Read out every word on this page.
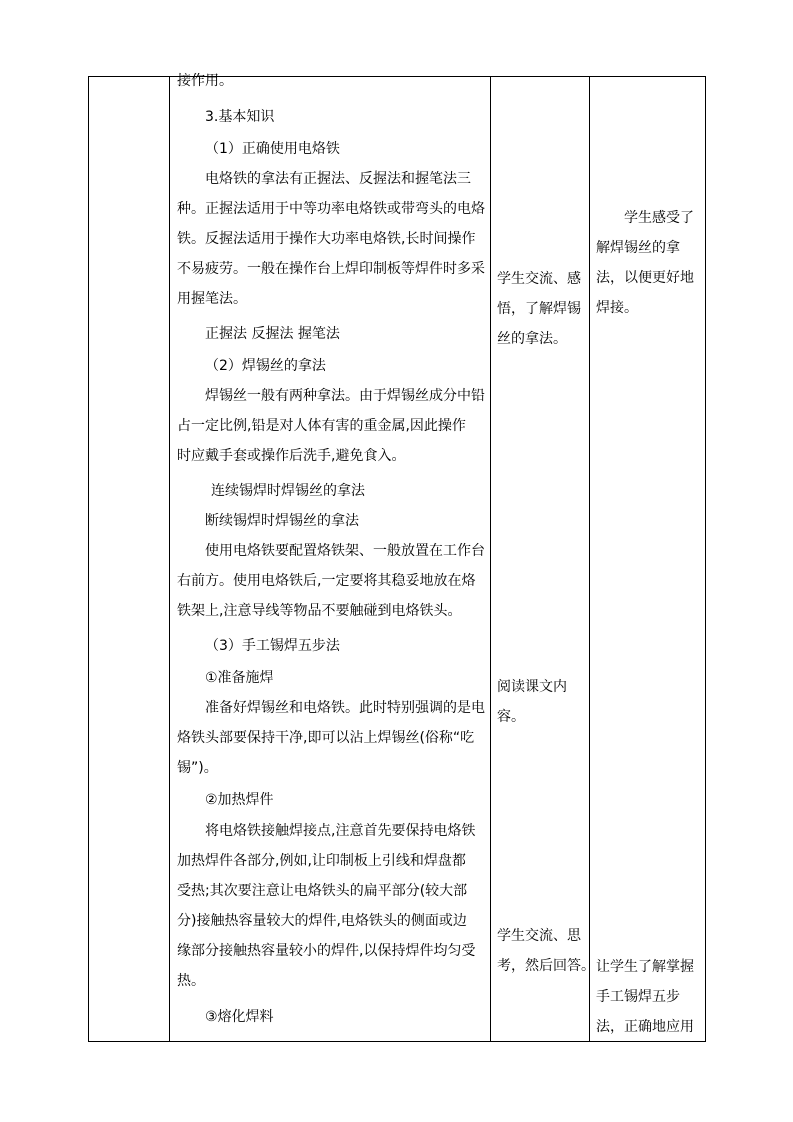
接作用。
3.基本知识
（1）正确使用电烙铁
电烙铁的拿法有正握法、反握法和握笔法三
种。正握法适用于中等功率电烙铁或带弯头的电烙
铁。反握法适用于操作大功率电烙铁,长时间操作
不易疲劳。一般在操作台上焊印制板等焊件时多采
用握笔法。
正握法 反握法 握笔法
（2）焊锡丝的拿法
焊锡丝一般有两种拿法。由于焊锡丝成分中铅
占一定比例,铅是对人体有害的重金属,因此操作
时应戴手套或操作后洗手,避免食入。
连续锡焊时焊锡丝的拿法
断续锡焊时焊锡丝的拿法
使用电烙铁要配置烙铁架、一般放置在工作台
右前方。使用电烙铁后,一定要将其稳妥地放在烙
铁架上,注意导线等物品不要触碰到电烙铁头。
（3）手工锡焊五步法
①准备施焊
准备好焊锡丝和电烙铁。此时特别强调的是电
烙铁头部要保持干净,即可以沾上焊锡丝(俗称“吃
锡”)。
②加热焊件
将电烙铁接触焊接点,注意首先要保持电烙铁
加热焊件各部分,例如,让印制板上引线和焊盘都
受热;其次要注意让电烙铁头的扁平部分(较大部
分)接触热容量较大的焊件,电烙铁头的侧面或边
缘部分接触热容量较小的焊件,以保持焊件均匀受
热。
③熔化焊料
学生交流、感
悟，了解焊锡
丝的拿法。
阅读课文内
容。
学生交流、思
考，然后回答。
学生感受了
解焊锡丝的拿
法，以便更好地
焊接。
让学生了解掌握
手工锡焊五步
法，正确地应用
